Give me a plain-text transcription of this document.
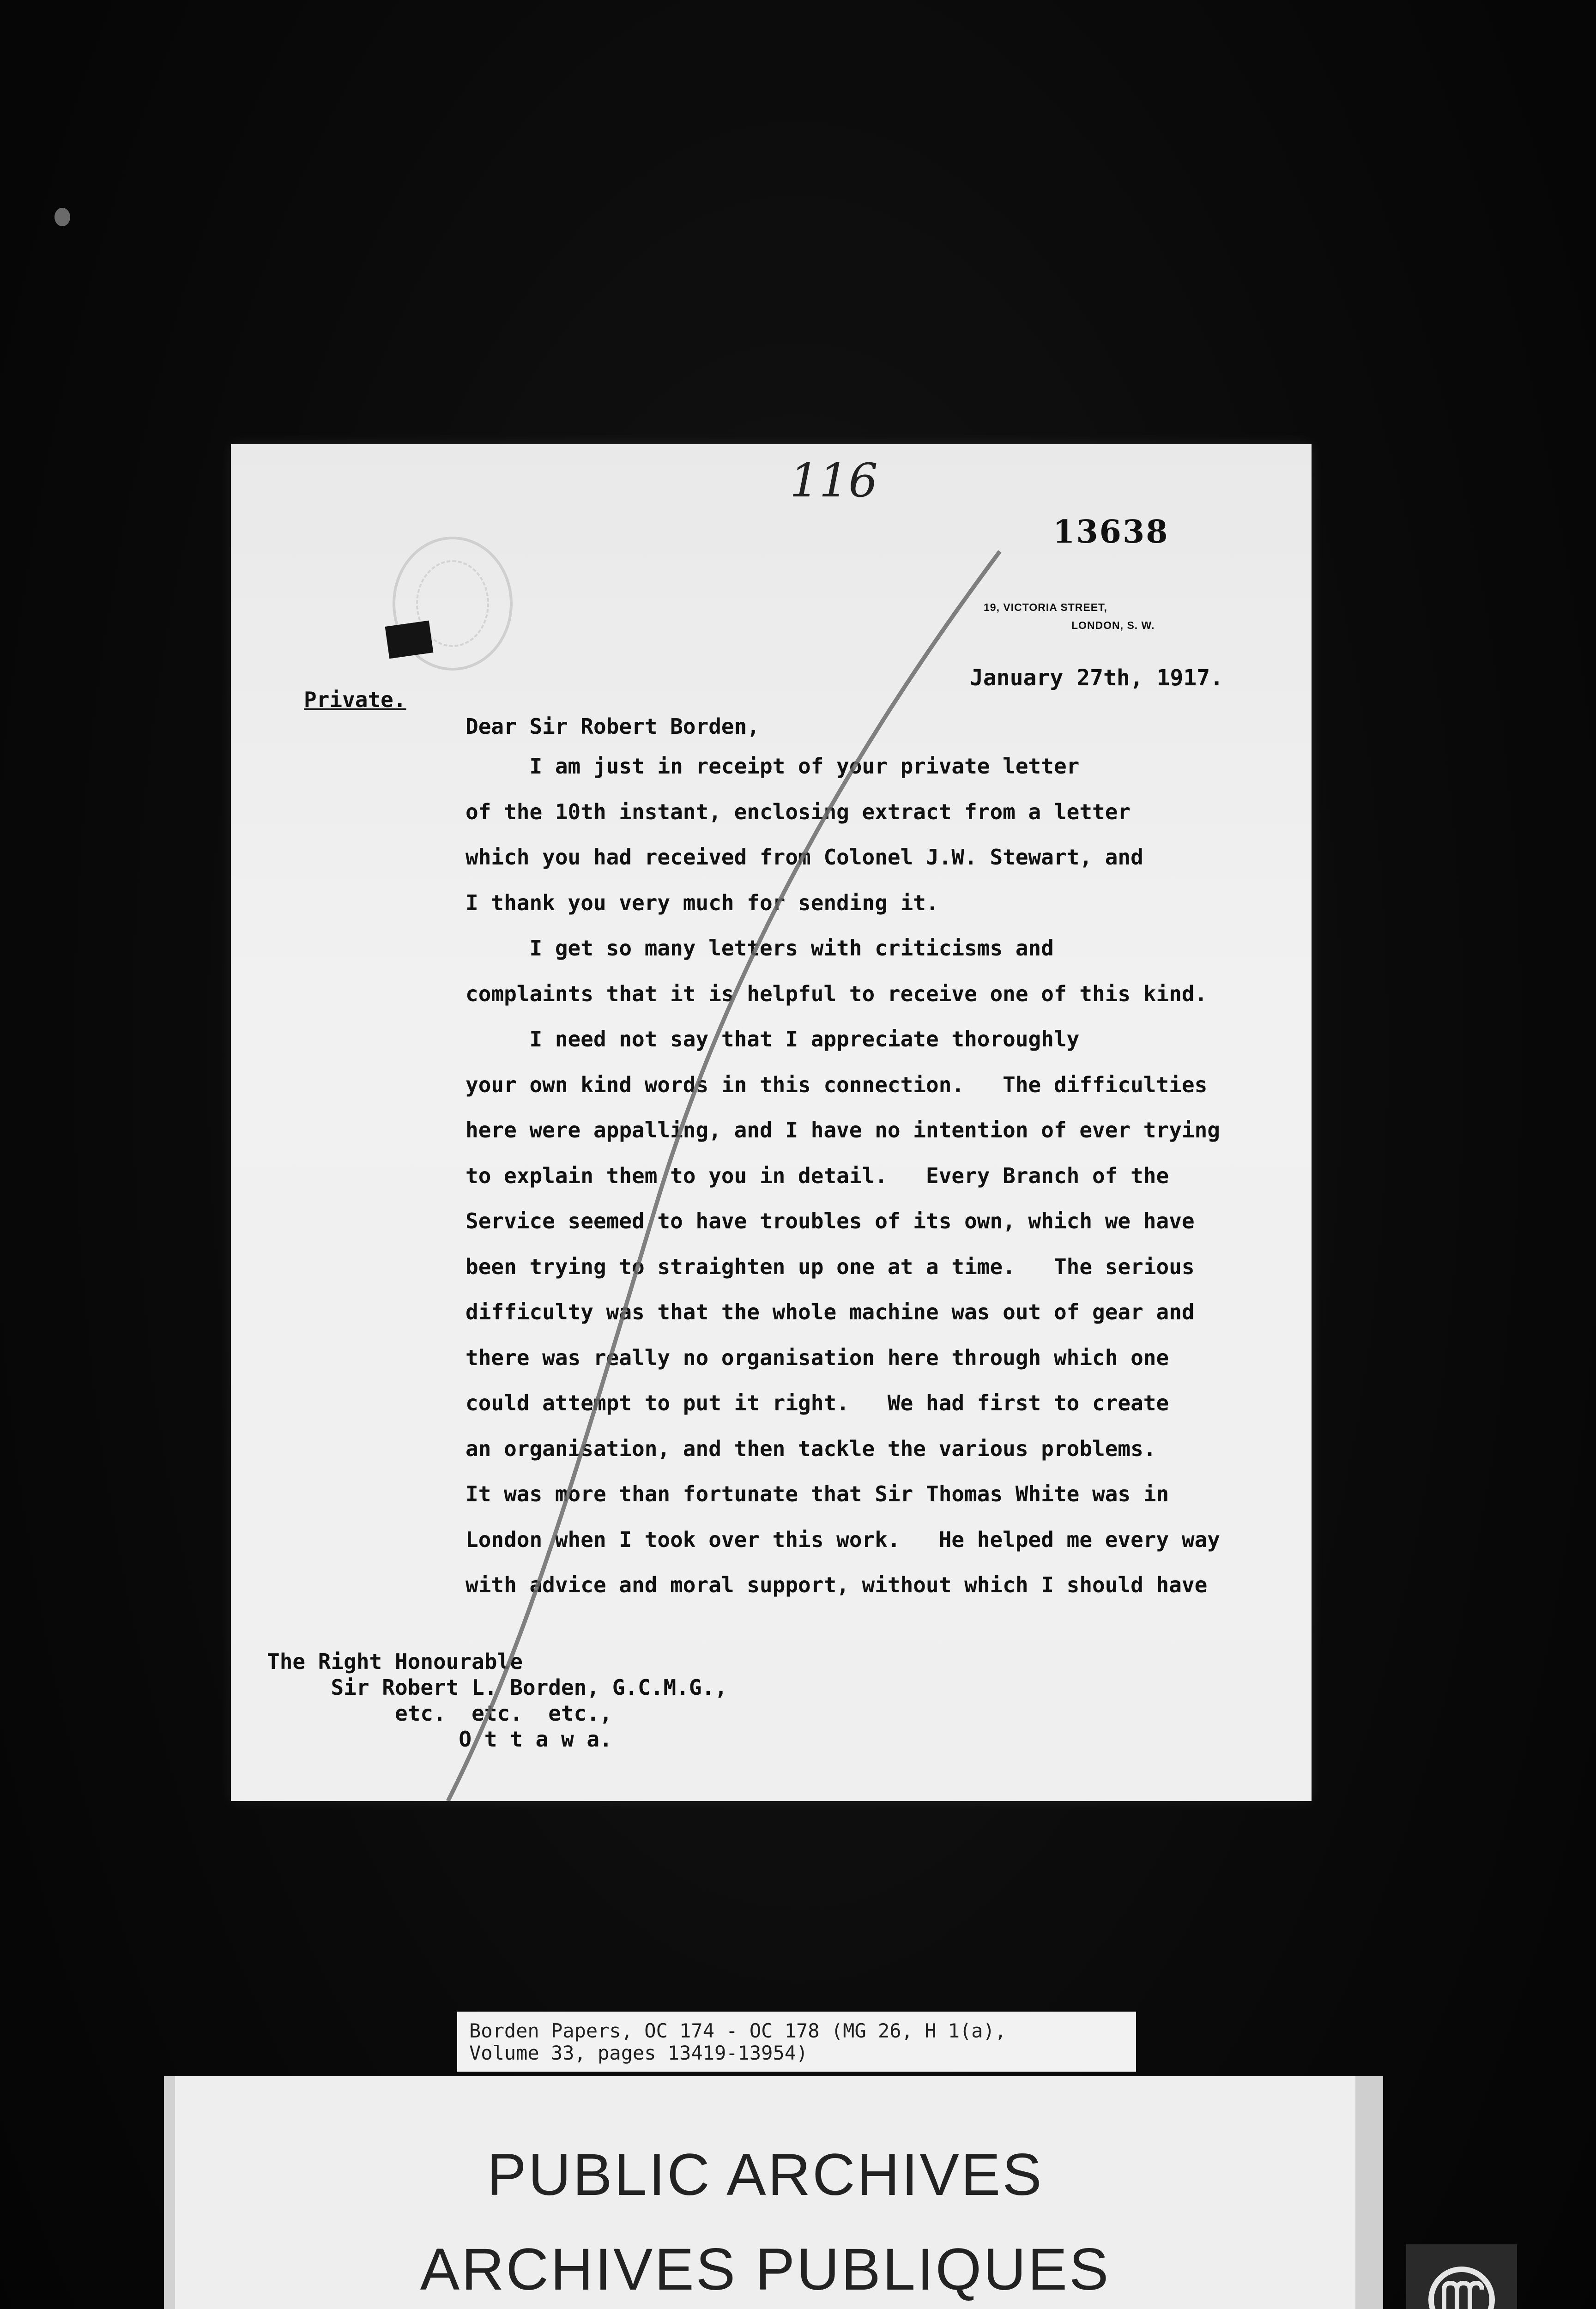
116
13638
19, VICTORIA STREET,
LONDON, S. W.
January 27th, 1917.
Private.
Dear Sir Robert Borden,

I am just in receipt of your private letter

of the 10th instant, enclosing extract from a letter

which you had received from Colonel J.W. Stewart, and

I thank you very much for sending it.

I get so many letters with criticisms and

complaints that it is helpful to receive one of this kind.

I need not say that I appreciate thoroughly

your own kind words in this connection.   The difficulties

here were appalling, and I have no intention of ever trying

to explain them to you in detail.   Every Branch of the

Service seemed to have troubles of its own, which we have

been trying to straighten up one at a time.   The serious

difficulty was that the whole machine was out of gear and

there was really no organisation here through which one

could attempt to put it right.   We had first to create

an organisation, and then tackle the various problems.

It was more than fortunate that Sir Thomas White was in

London when I took over this work.   He helped me every way

with advice and moral support, without which I should have

The Right Honourable

Sir Robert L. Borden, G.C.M.G.,

etc.  etc.  etc.,

O t t a w a.

Borden Papers, OC 174 - OC 178 (MG 26, H 1(a),

Volume 33, pages 13419-13954)

PUBLIC ARCHIVES
ARCHIVES PUBLIQUES
